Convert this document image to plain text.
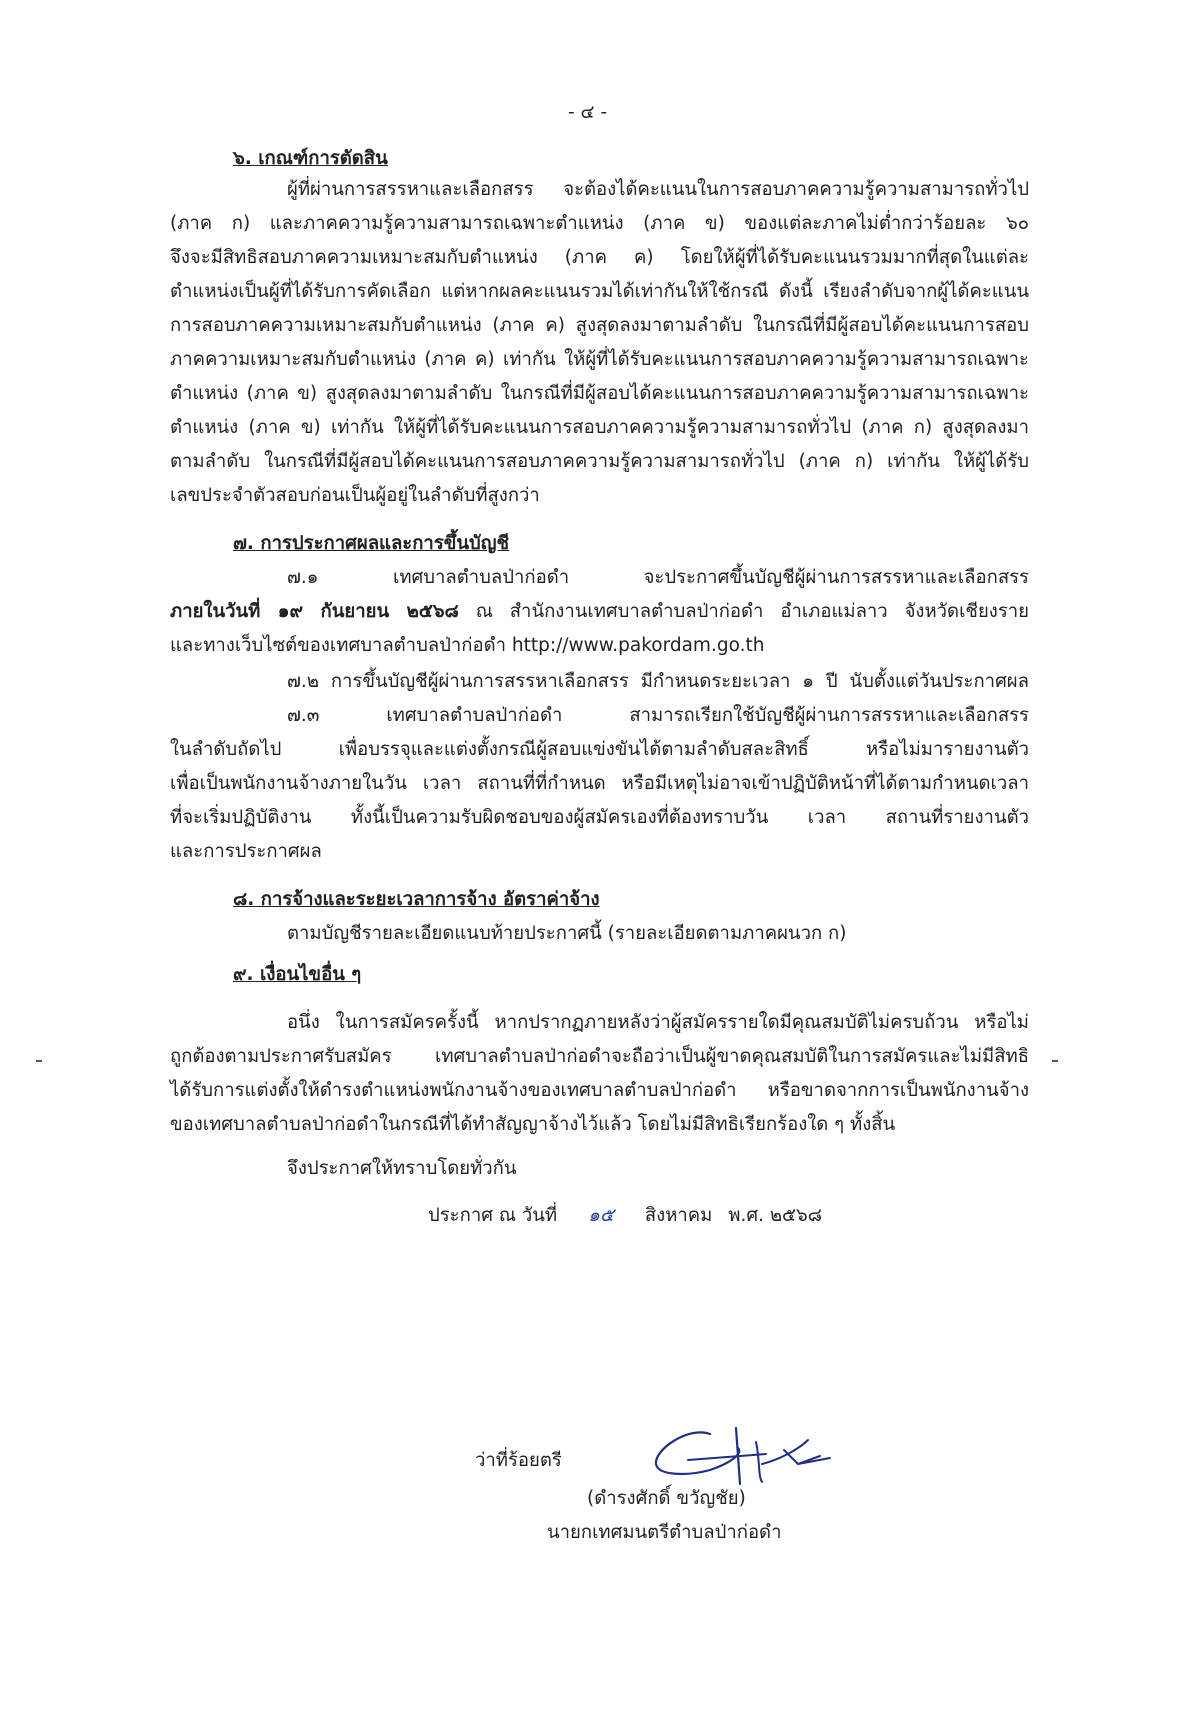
- ๔ -
๖. เกณฑ์การตัดสิน
ผู้ที่ผ่านการสรรหาและเลือกสรร จะต้องได้คะแนนในการสอบภาคความรู้ความสามารถทั่วไป
(ภาค ก) และภาคความรู้ความสามารถเฉพาะตำแหน่ง (ภาค ข) ของแต่ละภาคไม่ต่ำกว่าร้อยละ ๖๐
จึงจะมีสิทธิสอบภาคความเหมาะสมกับตำแหน่ง (ภาค ค) โดยให้ผู้ที่ได้รับคะแนนรวมมากที่สุดในแต่ละ
ตำแหน่งเป็นผู้ที่ได้รับการคัดเลือก แต่หากผลคะแนนรวมได้เท่ากันให้ใช้กรณี ดังนี้ เรียงลำดับจากผู้ได้คะแนน
การสอบภาคความเหมาะสมกับตำแหน่ง (ภาค ค) สูงสุดลงมาตามลำดับ ในกรณีที่มีผู้สอบได้คะแนนการสอบ
ภาคความเหมาะสมกับตำแหน่ง (ภาค ค) เท่ากัน ให้ผู้ที่ได้รับคะแนนการสอบภาคความรู้ความสามารถเฉพาะ
ตำแหน่ง (ภาค ข) สูงสุดลงมาตามลำดับ ในกรณีที่มีผู้สอบได้คะแนนการสอบภาคความรู้ความสามารถเฉพาะ
ตำแหน่ง (ภาค ข) เท่ากัน ให้ผู้ที่ได้รับคะแนนการสอบภาคความรู้ความสามารถทั่วไป (ภาค ก) สูงสุดลงมา
ตามลำดับ ในกรณีที่มีผู้สอบได้คะแนนการสอบภาคความรู้ความสามารถทั่วไป (ภาค ก) เท่ากัน ให้ผู้ได้รับ
เลขประจำตัวสอบก่อนเป็นผู้อยู่ในลำดับที่สูงกว่า
๗. การประกาศผลและการขึ้นบัญชี
๗.๑ เทศบาลตำบลป่าก่อดำ จะประกาศขึ้นบัญชีผู้ผ่านการสรรหาและเลือกสรร
ภายในวันที่ ๑๙ กันยายน ๒๕๖๘ ณ สำนักงานเทศบาลตำบลป่าก่อดำ อำเภอแม่ลาว จังหวัดเชียงราย
และทางเว็บไซต์ของเทศบาลตำบลป่าก่อดำ http://www.pakordam.go.th
๗.๒ การขึ้นบัญชีผู้ผ่านการสรรหาเลือกสรร มีกำหนดระยะเวลา ๑ ปี นับตั้งแต่วันประกาศผล
๗.๓ เทศบาลตำบลป่าก่อดำ สามารถเรียกใช้บัญชีผู้ผ่านการสรรหาและเลือกสรร
ในลำดับถัดไป เพื่อบรรจุและแต่งตั้งกรณีผู้สอบแข่งขันได้ตามลำดับสละสิทธิ์ หรือไม่มารายงานตัว
เพื่อเป็นพนักงานจ้างภายในวัน เวลา สถานที่ที่กำหนด หรือมีเหตุไม่อาจเข้าปฏิบัติหน้าที่ได้ตามกำหนดเวลา
ที่จะเริ่มปฏิบัติงาน ทั้งนี้เป็นความรับผิดชอบของผู้สมัครเองที่ต้องทราบวัน เวลา สถานที่รายงานตัว
และการประกาศผล
๘. การจ้างและระยะเวลาการจ้าง อัตราค่าจ้าง
ตามบัญชีรายละเอียดแนบท้ายประกาศนี้ (รายละเอียดตามภาคผนวก ก)
๙. เงื่อนไขอื่น ๆ
อนึ่ง ในการสมัครครั้งนี้ หากปรากฏภายหลังว่าผู้สมัครรายใดมีคุณสมบัติไม่ครบถ้วน หรือไม่
ถูกต้องตามประกาศรับสมัคร เทศบาลตำบลป่าก่อดำจะถือว่าเป็นผู้ขาดคุณสมบัติในการสมัครและไม่มีสิทธิ
ได้รับการแต่งตั้งให้ดำรงตำแหน่งพนักงานจ้างของเทศบาลตำบลป่าก่อดำ หรือขาดจากการเป็นพนักงานจ้าง
ของเทศบาลตำบลป่าก่อดำในกรณีที่ได้ทำสัญญาจ้างไว้แล้ว โดยไม่มีสิทธิเรียกร้องใด ๆ ทั้งสิ้น
จึงประกาศให้ทราบโดยทั่วกัน
ประกาศ ณ วันที่ ๑๕ สิงหาคม พ.ศ. ๒๕๖๘
ว่าที่ร้อยตรี
(ดำรงศักดิ์ ขวัญชัย)
นายกเทศมนตรีตำบลป่าก่อดำ
